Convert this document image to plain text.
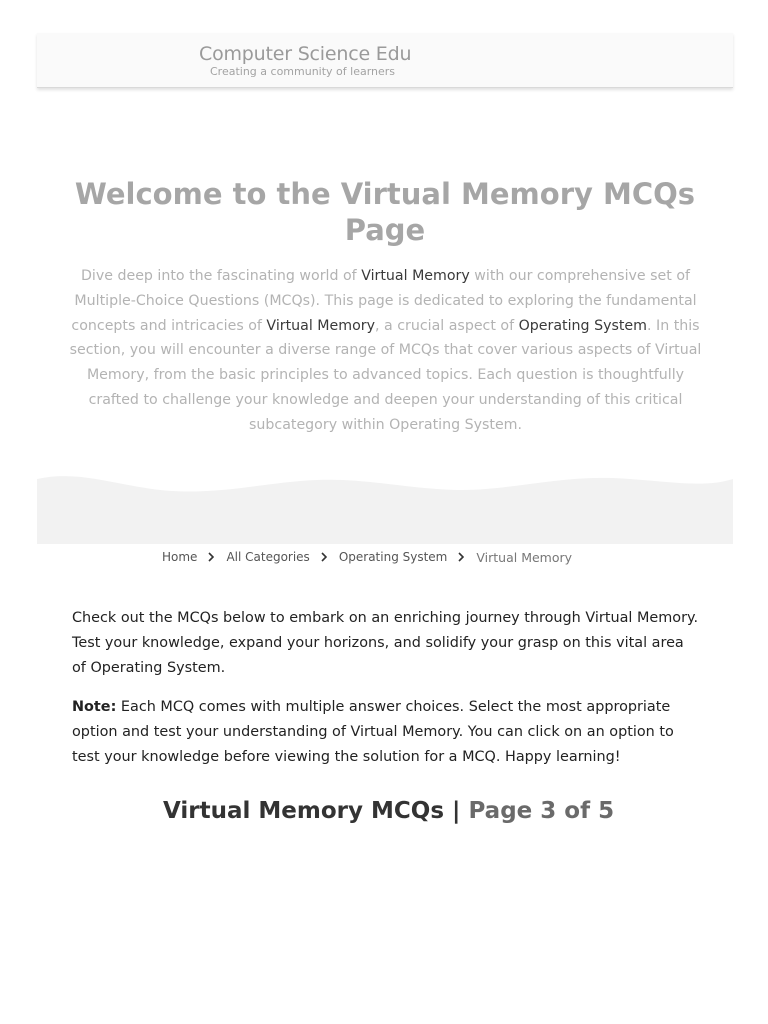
Computer Science Edu
Creating a community of learners
Welcome to the Virtual Memory MCQs Page

Dive deep into the fascinating world of Virtual Memory with our comprehensive set of Multiple-Choice Questions (MCQs). This page is dedicated to exploring the fundamental concepts and intricacies of Virtual Memory, a crucial aspect of Operating System. In this section, you will encounter a diverse range of MCQs that cover various aspects of Virtual Memory, from the basic principles to advanced topics. Each question is thoughtfully crafted to challenge your knowledge and deepen your understanding of this critical subcategory within Operating System.

Home All Categories Operating System Virtual Memory

Check out the MCQs below to embark on an enriching journey through Virtual Memory. Test your knowledge, expand your horizons, and solidify your grasp on this vital area of Operating System.

Note: Each MCQ comes with multiple answer choices. Select the most appropriate option and test your understanding of Virtual Memory. You can click on an option to test your knowledge before viewing the solution for a MCQ. Happy learning!

Virtual Memory MCQs | Page 3 of 5
